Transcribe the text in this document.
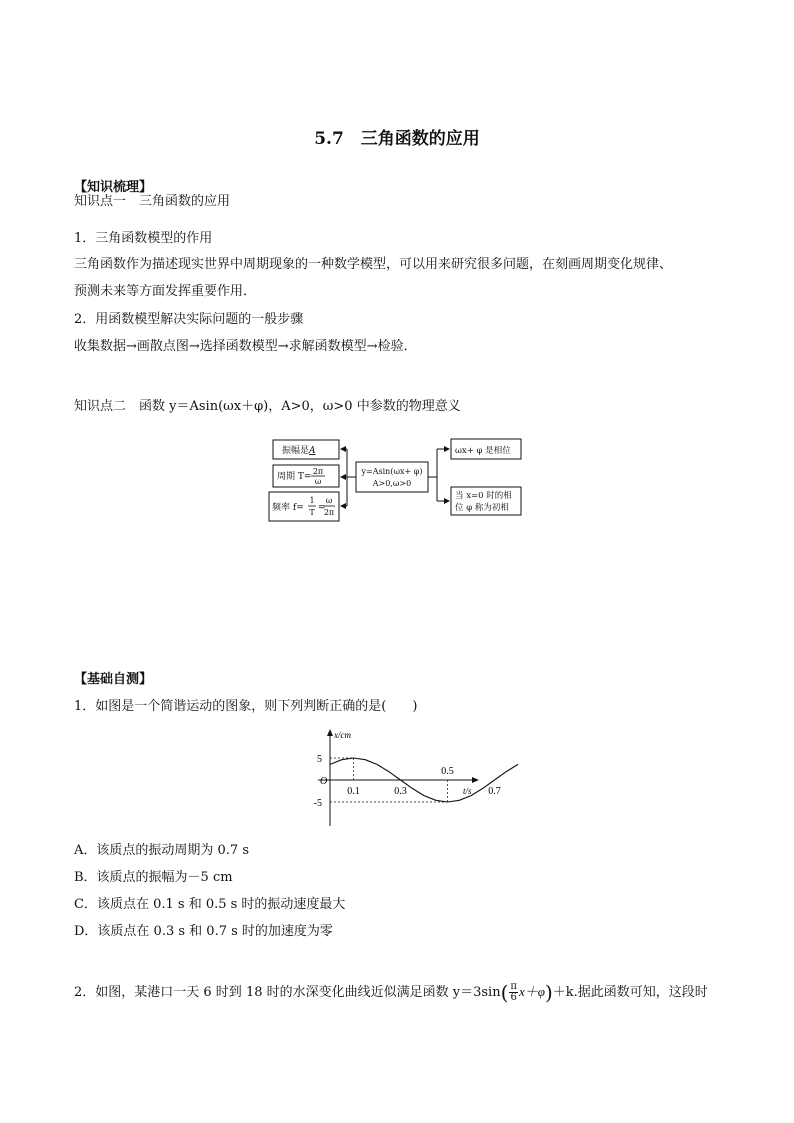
5.7　三角函数的应用
【知识梳理】
知识点一　三角函数的应用
1．三角函数模型的作用
三角函数作为描述现实世界中周期现象的一种数学模型，可以用来研究很多问题，在刻画周期变化规律、
预测未来等方面发挥重要作用．
2．用函数模型解决实际问题的一般步骤
收集数据→画散点图→选择函数模型→求解函数模型→检验．
知识点二　函数 y＝Asin(ωx＋φ)，A>0，ω>0 中参数的物理意义
振幅是A
周期 T=
2π
ω
频率 f=
1
T =
ω
2π
y=Asin(ωx+ φ)
A>0,ω>0
ωx+ φ 是相位
当 x=0 时的相
位 φ 称为初相
【基础自测】
1．如图是一个简谐运动的图象，则下列判断正确的是(　　)
x/cm
t/s
O
5
-5
0.1	0.3
0.5
0.7
A．该质点的振动周期为 0.7 s
B．该质点的振幅为－5 cm
C．该质点在 0.1 s 和 0.5 s 时的振动速度最大
D．该质点在 0.3 s 和 0.7 s 时的加速度为零
2．如图，某港口一天 6 时到 18 时的水深变化曲线近似满足函数 $y=3\sin( \frac{\pi}{6} x+\varphi)+k$.据此函数可知，这段时
